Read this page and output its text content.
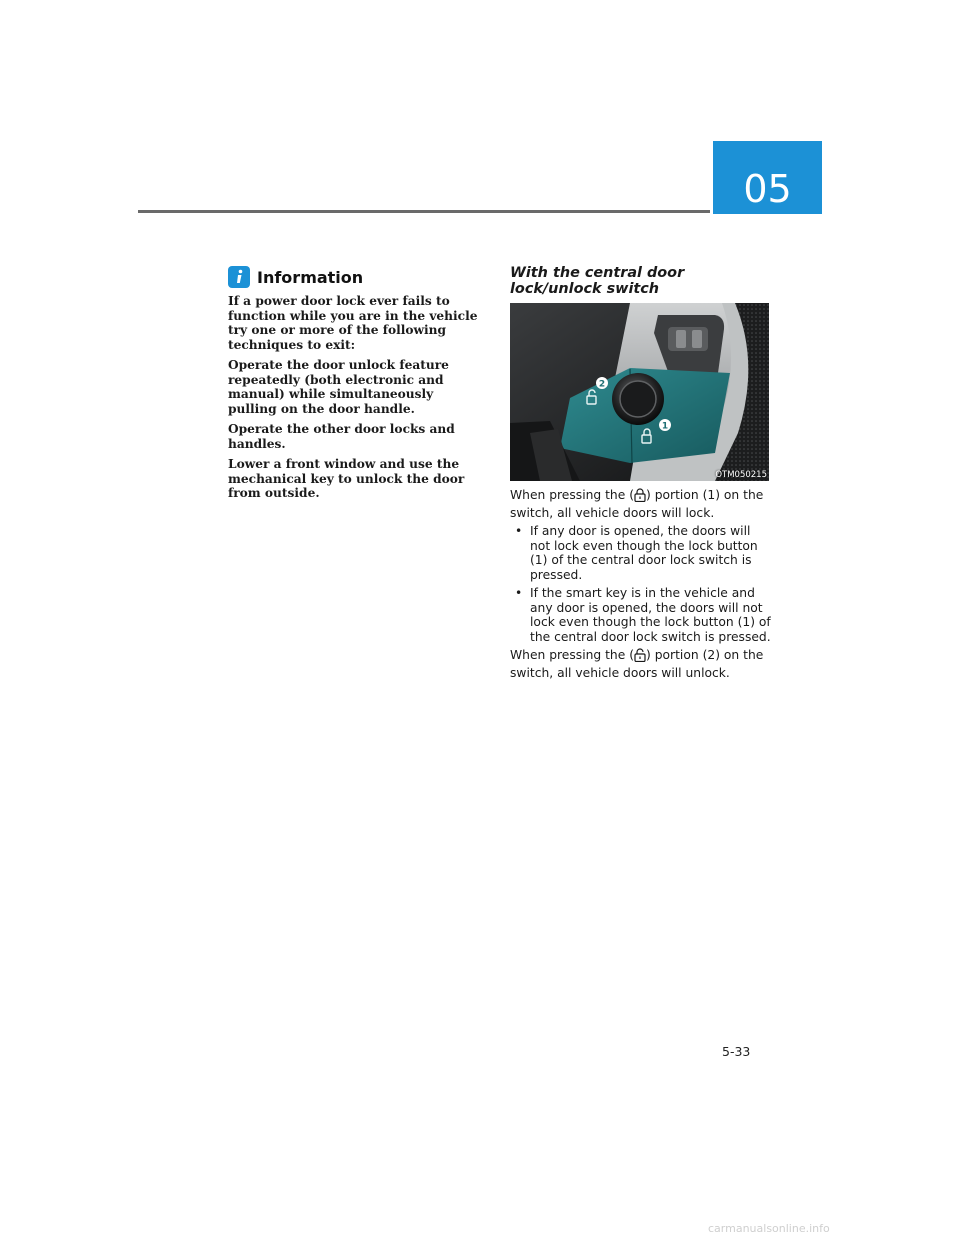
05
Information

If a power door lock ever fails to function while you are in the vehicle try one or more of the following techniques to exit:

Operate the door unlock feature repeatedly (both electronic and manual) while simultaneously pulling on the door handle.

Operate the other door locks and handles.

Lower a front window and use the mechanical key to unlock the door from outside.

With the central door lock/unlock switch
2
1
OTM050215

When pressing the ( ) portion (1) on the switch, all vehicle doors will lock.

• If any door is opened, the doors will not lock even though the lock button (1) of the central door lock switch is pressed.
• If the smart key is in the vehicle and any door is opened, the doors will not lock even though the lock button (1) of the central door lock switch is pressed.

When pressing the ( ) portion (2) on the switch, all vehicle doors will unlock.

5-33
carmanualsonline.info
